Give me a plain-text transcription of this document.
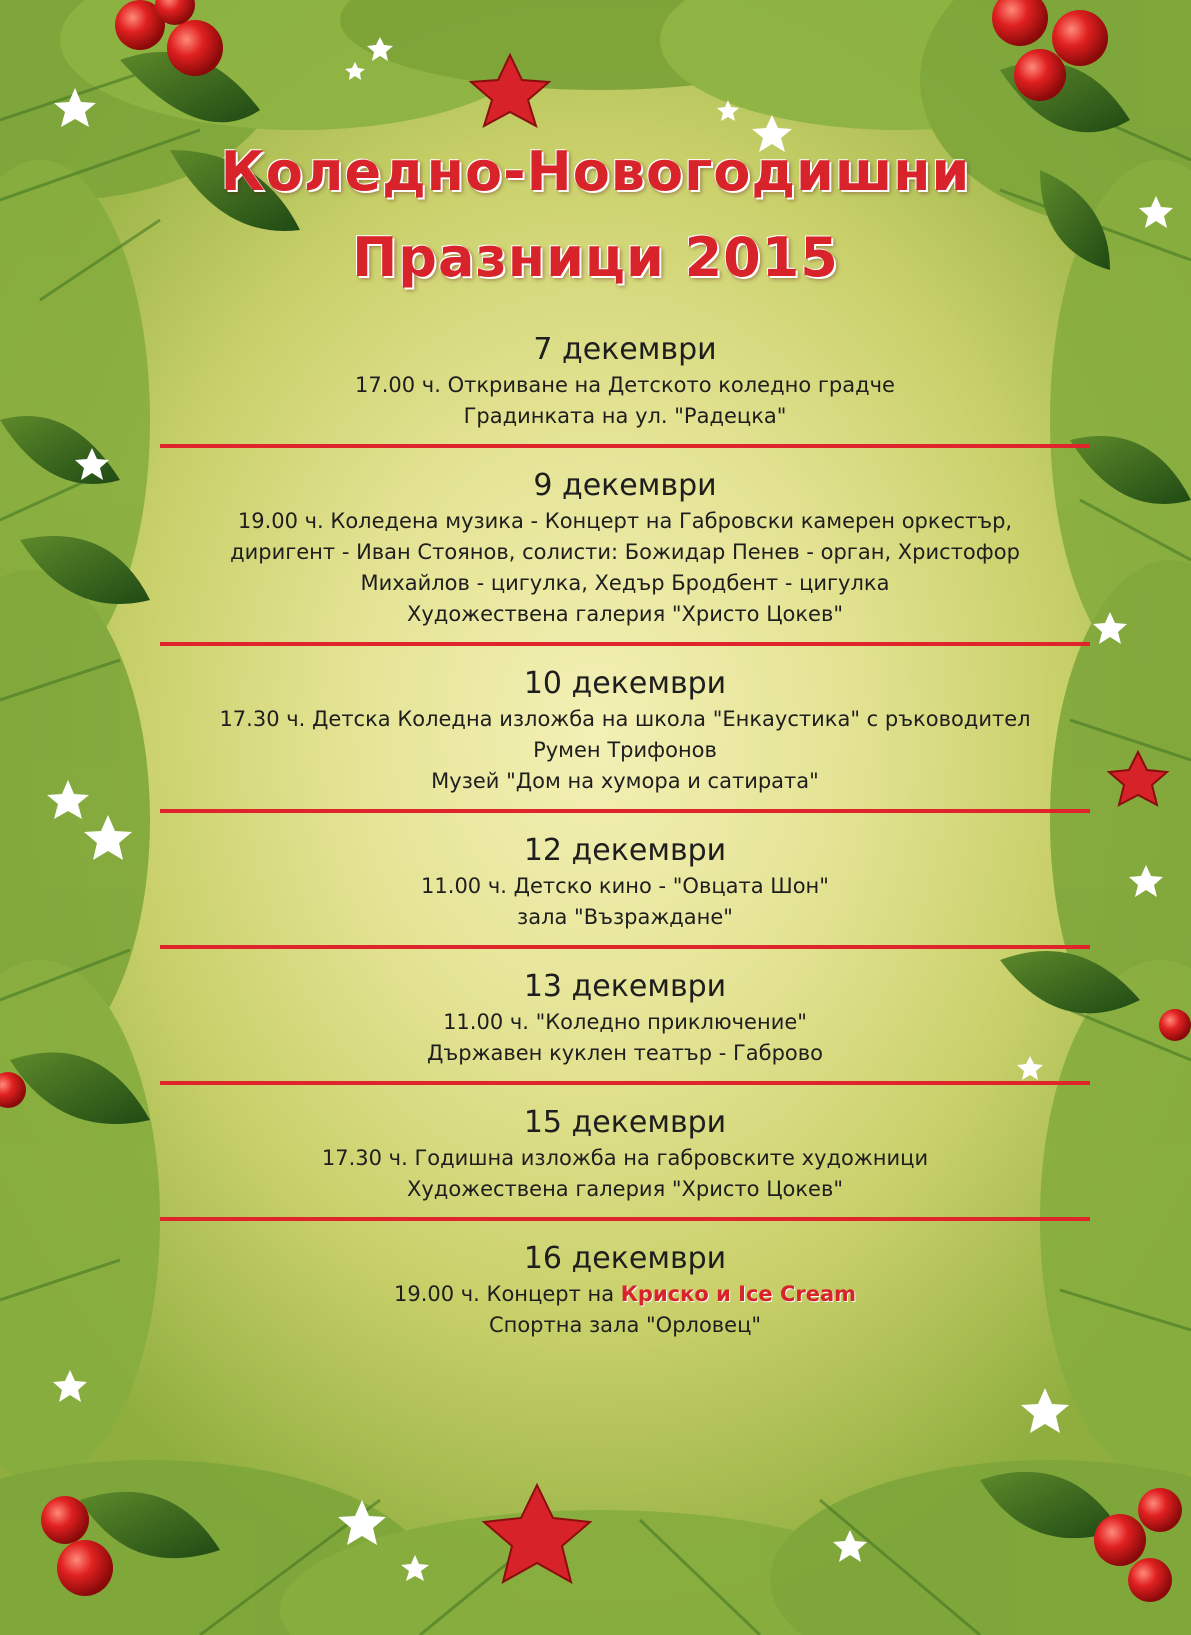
Коледно-Новогодишни
Празници 2015
7 декември
17.00 ч. Откриване на Детското коледно градче
Градинката на ул. "Радецка"
9 декември
19.00 ч. Коледена музика - Концерт на Габровски камерен оркестър,
диригент - Иван Стоянов, солисти: Божидар Пенев - орган, Христофор
Михайлов - цигулка, Хедър Бродбент - цигулка
Художествена галерия "Христо Цокев"
10 декември
17.30 ч. Детска Коледна изложба на школа "Енкаустика" с ръководител
Румен Трифонов
Музей "Дом на хумора и сатирата"
12 декември
11.00 ч. Детско кино - "Овцата Шон"
зала "Възраждане"
13 декември
11.00 ч. "Коледно приключение"
Държавен куклен театър - Габрово
15 декември
17.30 ч. Годишна изложба на габровските художници
Художествена галерия "Христо Цокев"
16 декември
19.00 ч. Концерт на Криско и Ice Cream
Спортна зала "Орловец"
